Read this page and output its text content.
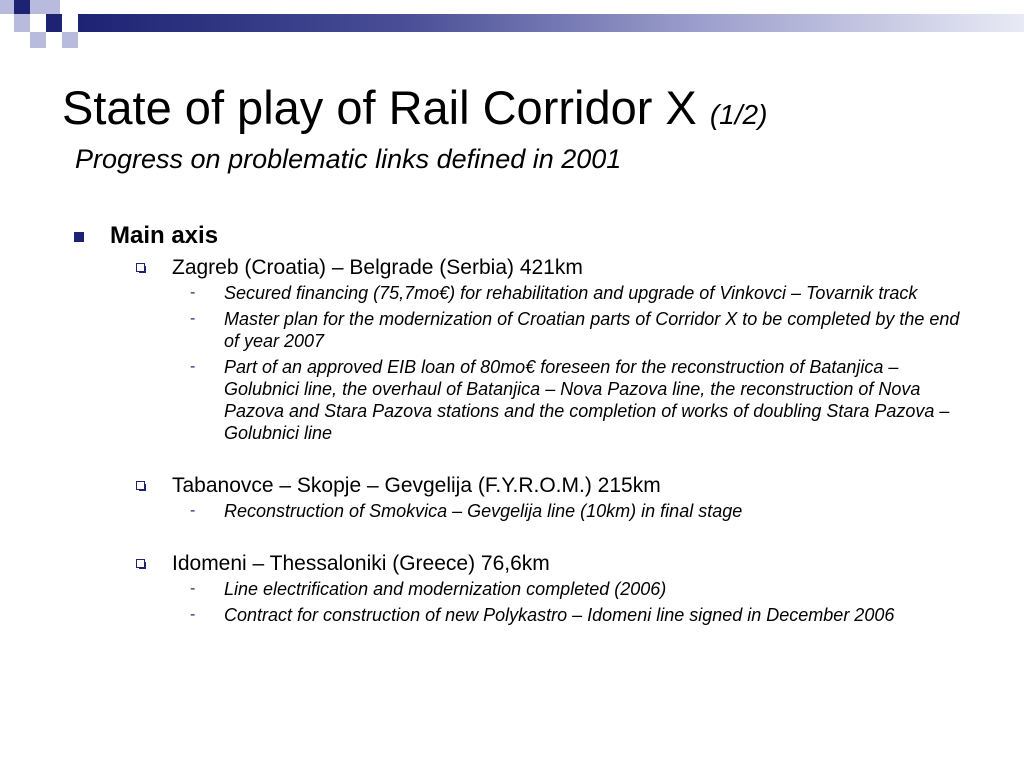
State of play of Rail Corridor X (1/2)
Progress on problematic links defined in 2001
Main axis
Zagreb (Croatia) – Belgrade (Serbia) 421km
- Secured financing (75,7mo€) for rehabilitation and upgrade of Vinkovci – Tovarnik track
- Master plan for the modernization of Croatian parts of Corridor X to be completed by the end of year 2007
- Part of an approved EIB loan of 80mo€ foreseen for the reconstruction of Batanjica – Golubnici line, the overhaul of Batanjica – Nova Pazova line, the reconstruction of Nova Pazova and Stara Pazova stations and the completion of works of doubling Stara Pazova – Golubnici line
Tabanovce – Skopje – Gevgelija (F.Y.R.O.M.) 215km
- Reconstruction of Smokvica – Gevgelija line (10km) in final stage
Idomeni – Thessaloniki (Greece) 76,6km
- Line electrification and modernization completed (2006)
- Contract for construction of new Polykastro – Idomeni line signed in December 2006
